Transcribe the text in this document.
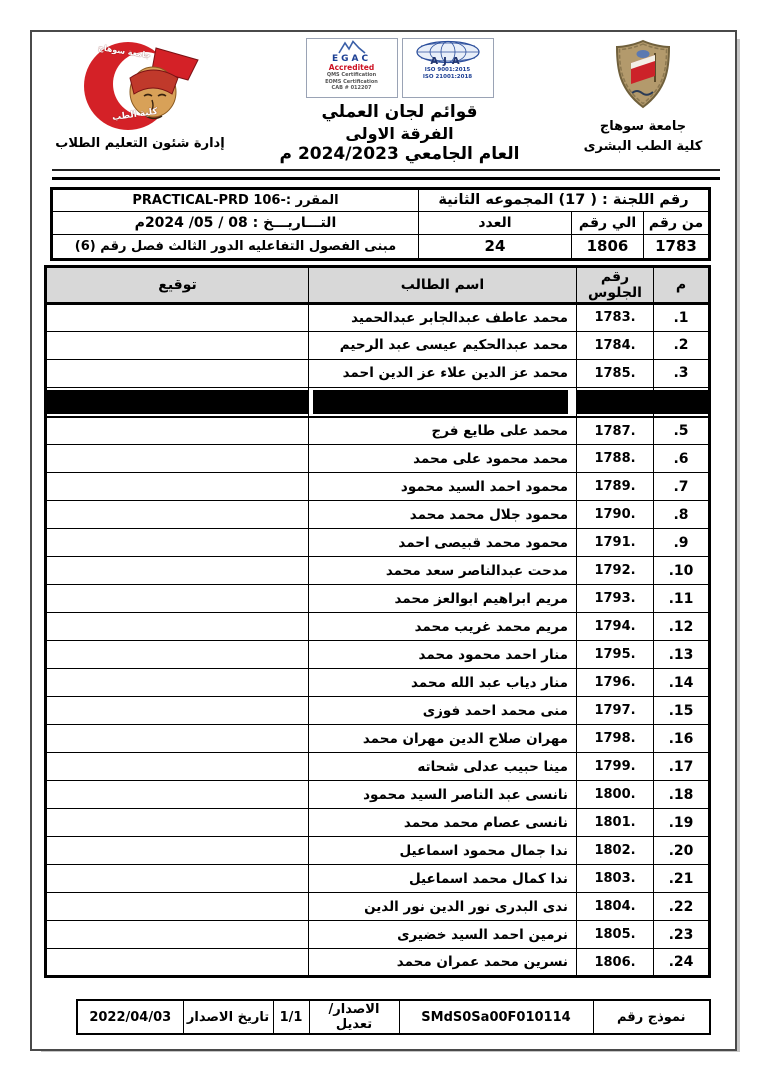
جامعة سوهاج
كلية الطب البشرى
EGAC
Accredited
QMS Certification
EOMS Certification
CAB # 012207
AJA
ISO 9001:2015
ISO 21001:2018
قوائم لجان العملي
الفرقة الاولى
العام الجامعي 2024/2023 م
جامعة سوهاج
كلية الطب
إدارة شئون التعليم الطلاب
رقم اللجنة : ( 17) المجموعه الثانية			المقرر :-PRACTICAL-PRD 106
من رقم	الي رقم	العدد	التـــاريـــخ : 08 / 05/ 2024م
1783	1806	24	مبنى الفصول التفاعليه الدور الثالث فصل رقم (6)
م	رقم الجلوس	اسم الطالب	توقيع
1.	1783.	محمد عاطف عبدالجابر عبدالحميد	
2.	1784.	محمد عبدالحكيم عيسى عبد الرحيم	
3.	1785.	محمد عز الدين علاء عز الدين احمد	

5.	1787.	محمد على طايع فرج	
6.	1788.	محمد محمود على محمد	
7.	1789.	محمود احمد السيد محمود	
8.	1790.	محمود جلال محمد محمد	
9.	1791.	محمود محمد قبيصى احمد	
10.	1792.	مدحت عبدالناصر سعد محمد	
11.	1793.	مريم ابراهيم ابوالعز محمد	
12.	1794.	مريم محمد غريب محمد	
13.	1795.	منار احمد محمود محمد	
14.	1796.	منار دياب عبد الله محمد	
15.	1797.	منى محمد احمد فوزى	
16.	1798.	مهران صلاح الدين مهران محمد	
17.	1799.	مينا حبيب عدلى شحاته	
18.	1800.	نانسى عبد الناصر السيد محمود	
19.	1801.	نانسى عصام محمد محمد	
20.	1802.	ندا جمال محمود اسماعيل	
21.	1803.	ندا كمال محمد اسماعيل	
22.	1804.	ندى البدرى نور الدين نور الدين	
23.	1805.	نرمين احمد السيد خضيرى	
24.	1806.	نسرين محمد عمران محمد	
نموذج رقم	SMdS0Sa00F010114	الاصدار/تعديل	1/1	تاريخ الاصدار	2022/04/03
